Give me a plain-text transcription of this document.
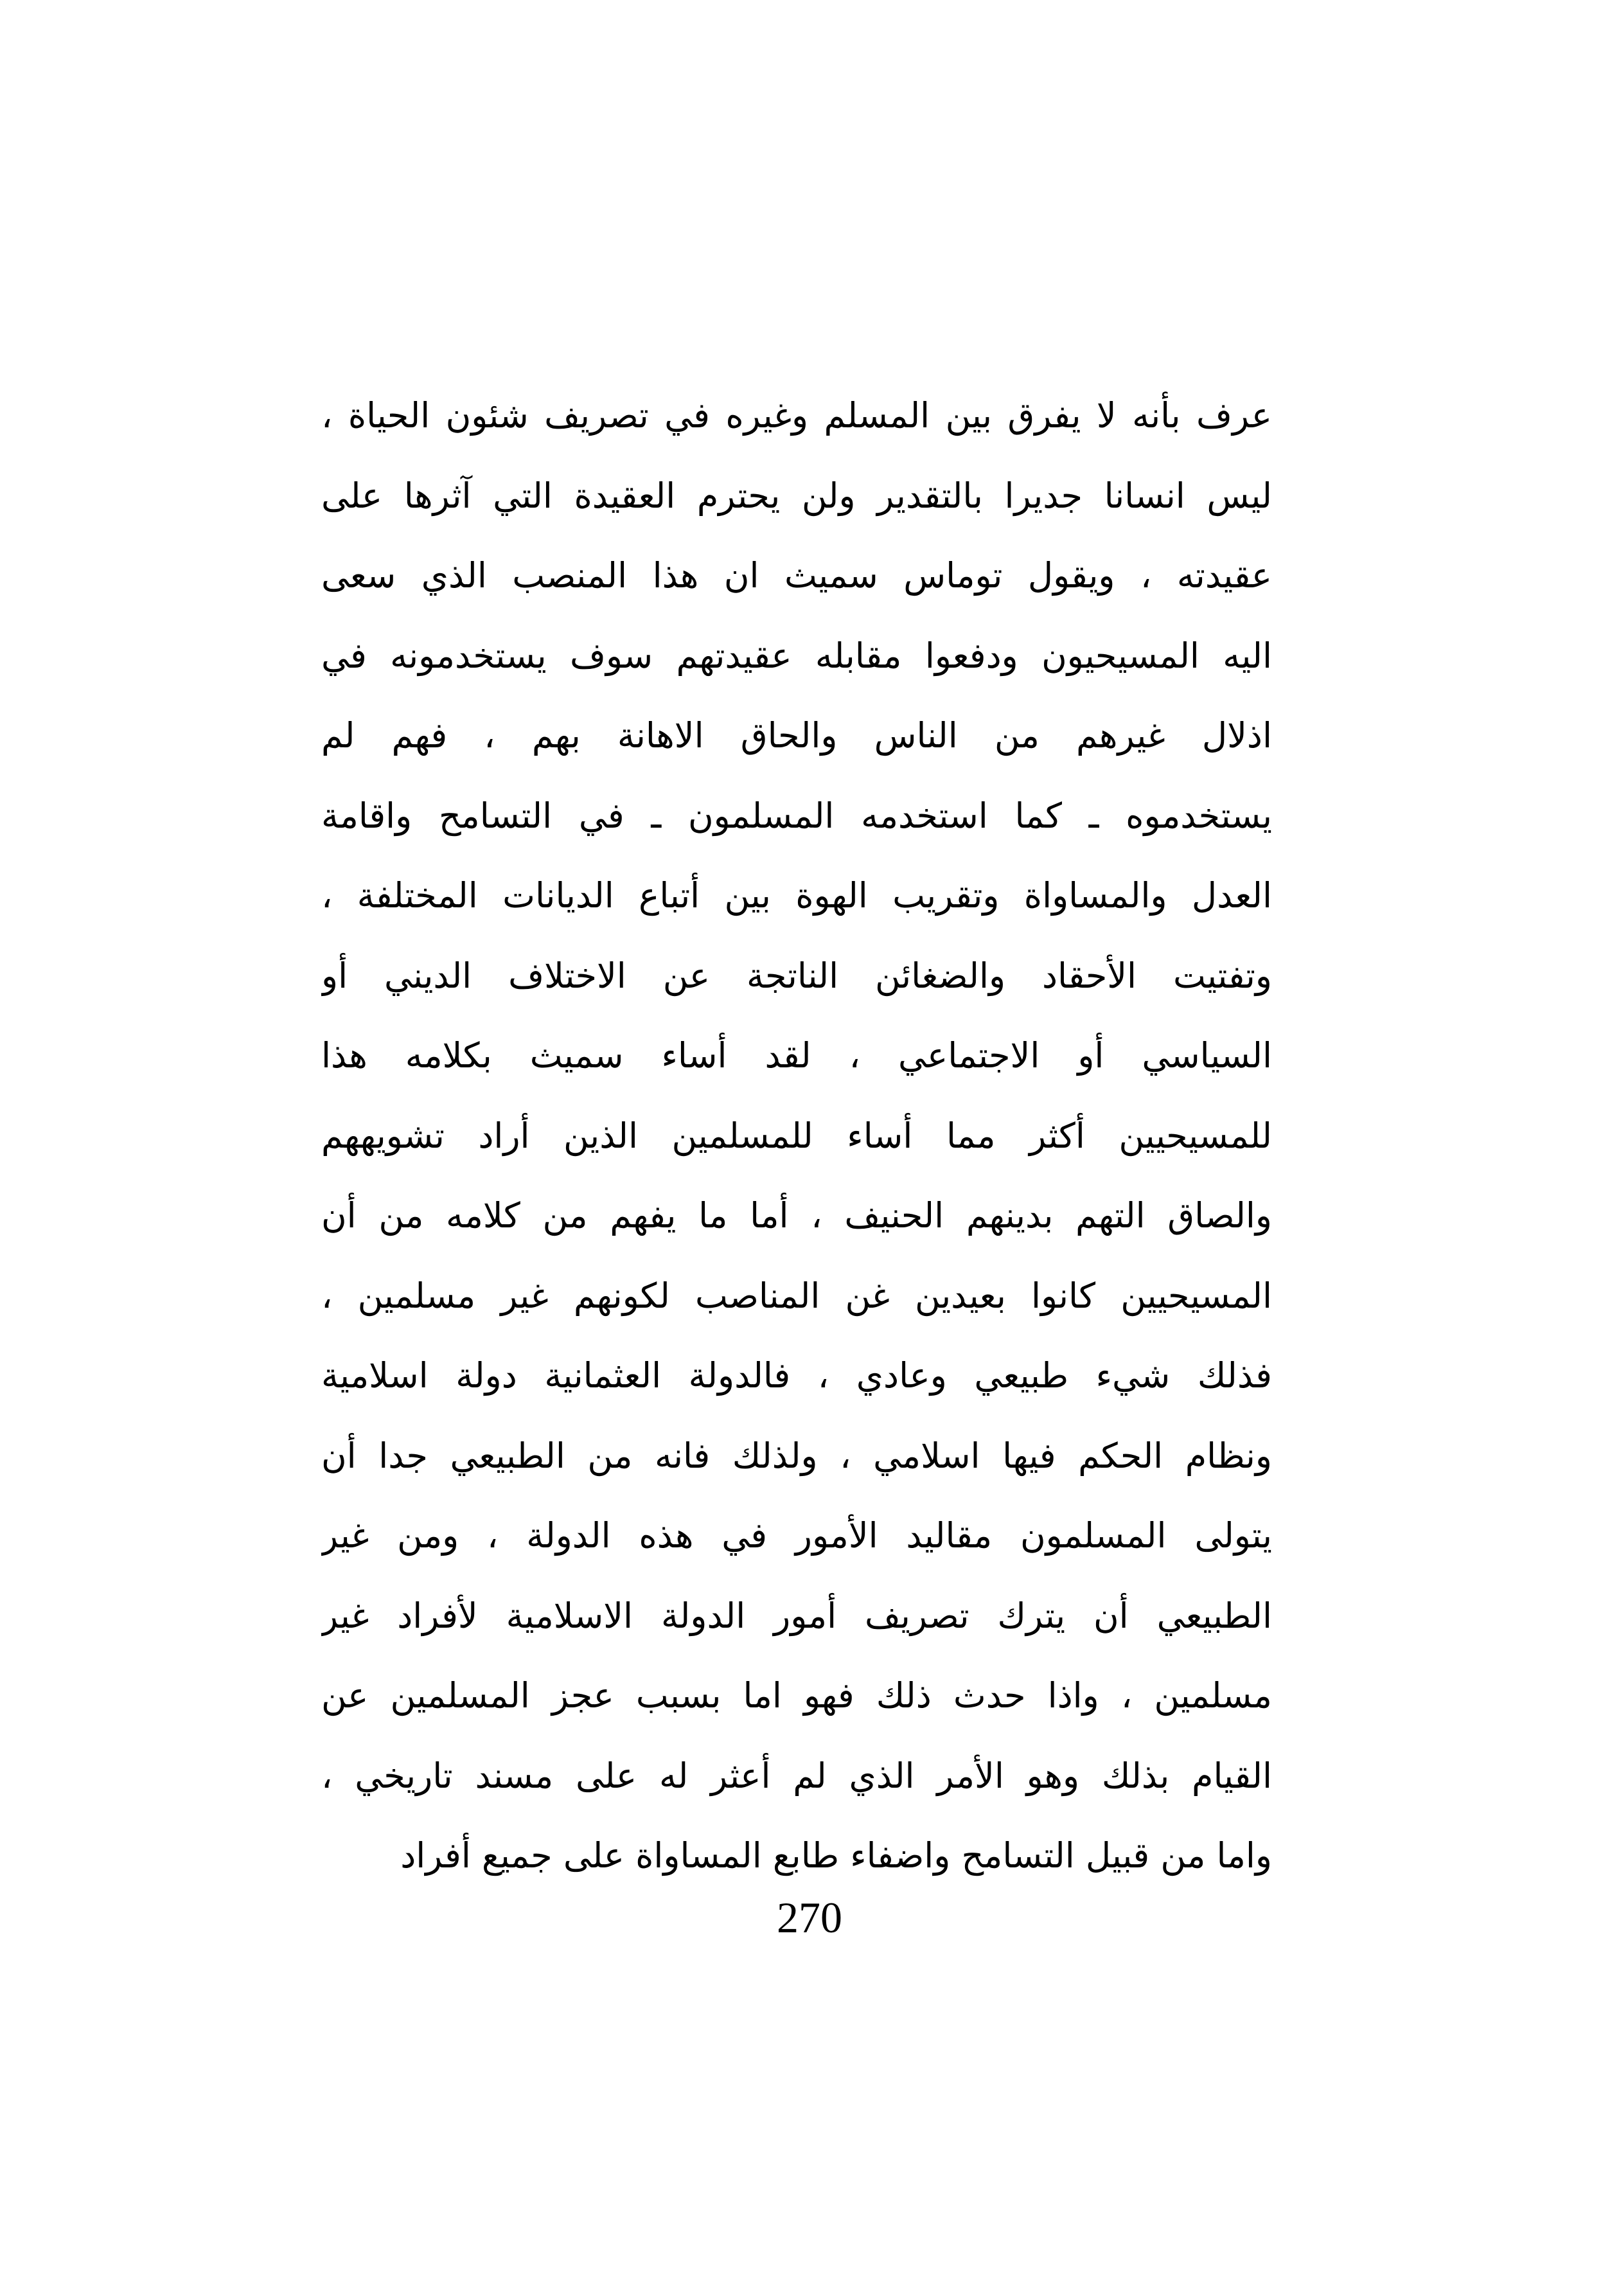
عرف بأنه لا يفرق بين المسلم وغيره في تصريف شئون الحياة ،
ليس انسانا جديرا بالتقدير ولن يحترم العقيدة التي آثرها على
عقيدته ، ويقول توماس سميث ان هذا المنصب الذي سعى
اليه المسيحيون ودفعوا مقابله عقيدتهم سوف يستخدمونه في
اذلال غيرهم من الناس والحاق الاهانة بهم ، فهم لم
يستخدموه ـ كما استخدمه المسلمون ـ في التسامح واقامة
العدل والمساواة وتقريب الهوة بين أتباع الديانات المختلفة ،
وتفتيت الأحقاد والضغائن الناتجة عن الاختلاف الديني أو
السياسي أو الاجتماعي ، لقد أساء سميث بكلامه هذا
للمسيحيين أكثر مما أساء للمسلمين الذين أراد تشويههم
والصاق التهم بدينهم الحنيف ، أما ما يفهم من كلامه من أن
المسيحيين كانوا بعيدين غن المناصب لكونهم غير مسلمين ،
فذلك شيء طبيعي وعادي ، فالدولة العثمانية دولة اسلامية
ونظام الحكم فيها اسلامي ، ولذلك فانه من الطبيعي جدا أن
يتولى المسلمون مقاليد الأمور في هذه الدولة ، ومن غير
الطبيعي أن يترك تصريف أمور الدولة الاسلامية لأفراد غير
مسلمين ، واذا حدث ذلك فهو اما بسبب عجز المسلمين عن
القيام بذلك وهو الأمر الذي لم أعثر له على مسند تاريخي ،
واما من قبيل التسامح واضفاء طابع المساواة على جميع أفراد
270
